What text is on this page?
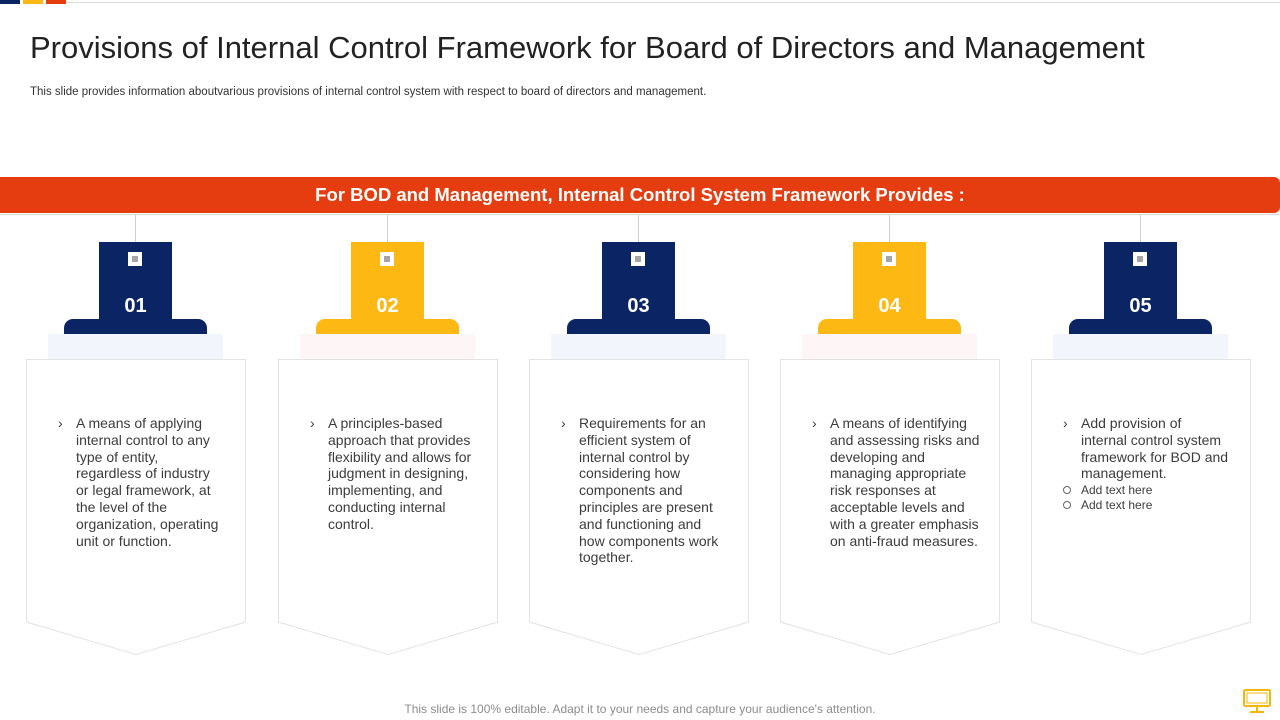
Provisions of Internal Control Framework for Board of Directors and Management
This slide provides information aboutvarious provisions of internal control system with respect to board of directors and management.
For BOD and Management, Internal Control System Framework Provides :
01
› A means of applying internal control to any type of entity, regardless of industry or legal framework, at the level of the organization, operating unit or function.
02
› A principles-based approach that provides flexibility and allows for judgment in designing, implementing, and conducting internal control.
03
› Requirements for an efficient system of internal control by considering how components and principles are present and functioning and how components work together.
04
› A means of identifying and assessing risks and developing and managing appropriate risk responses at acceptable levels and with a greater emphasis on anti-fraud measures.
05
› Add provision of internal control system framework for BOD and management.
Add text here
Add text here
This slide is 100% editable. Adapt it to your needs and capture your audience's attention.
